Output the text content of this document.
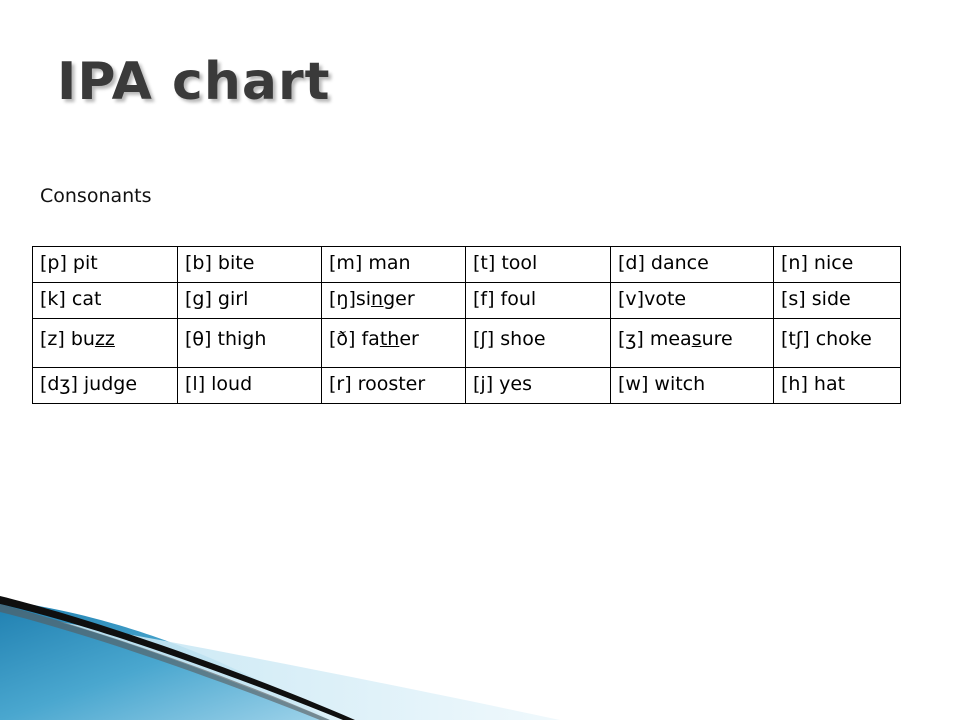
IPA chart
Consonants
[p] pit	[b] bite	[m] man	[t] tool	[d] dance	[n] nice
[k] cat	[g] girl	[ŋ]singer	[f] foul	[v]vote	[s] side
[z] buzz	[θ] thigh	[ð] father	[ʃ] shoe	[ʒ] measure	[tʃ] choke
[dʒ] judge	[l] loud	[r] rooster	[j] yes	[w] witch	[h] hat
